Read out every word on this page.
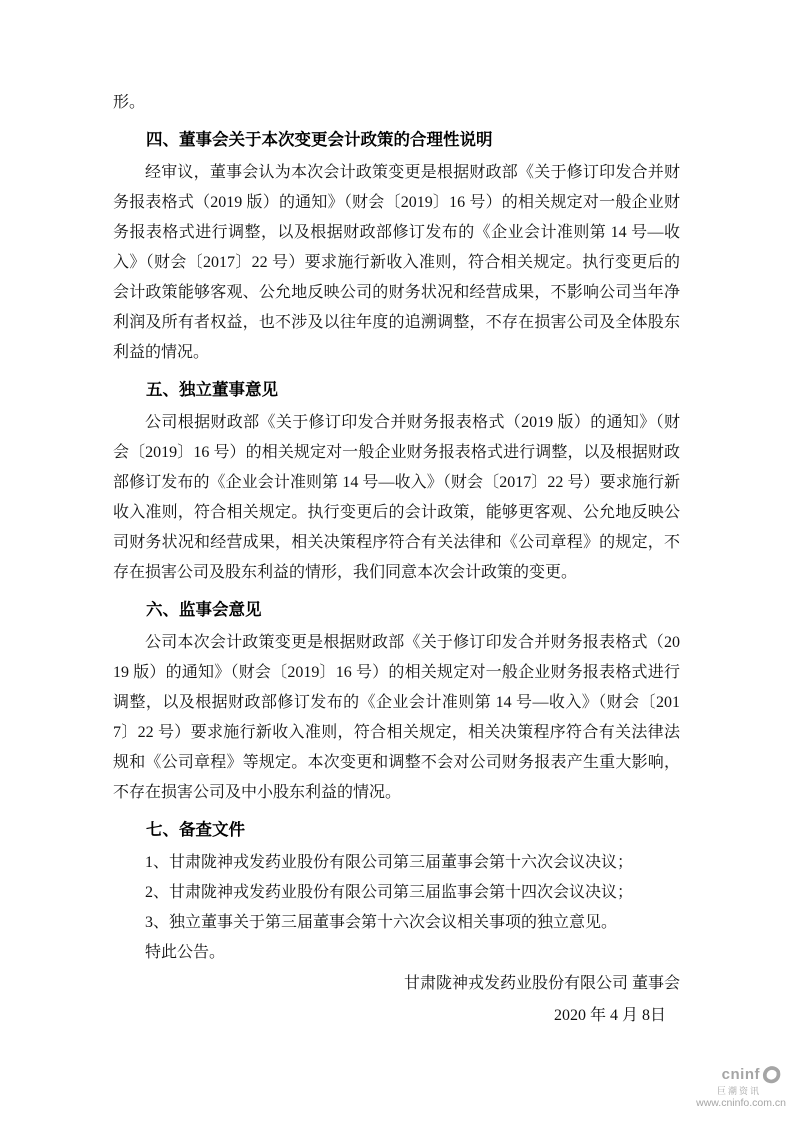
形。

四、董事会关于本次变更会计政策的合理性说明

经审议，董事会认为本次会计政策变更是根据财政部《关于修订印发合并财务报表格式（2019 版）的通知》（财会〔2019〕16 号）的相关规定对一般企业财务报表格式进行调整，以及根据财政部修订发布的《企业会计准则第 14 号—收入》（财会〔2017〕22 号）要求施行新收入准则，符合相关规定。执行变更后的会计政策能够客观、公允地反映公司的财务状况和经营成果，不影响公司当年净利润及所有者权益，也不涉及以往年度的追溯调整，不存在损害公司及全体股东利益的情况。

五、独立董事意见

公司根据财政部《关于修订印发合并财务报表格式（2019 版）的通知》（财会〔2019〕16 号）的相关规定对一般企业财务报表格式进行调整，以及根据财政部修订发布的《企业会计准则第 14 号—收入》（财会〔2017〕22 号）要求施行新收入准则，符合相关规定。执行变更后的会计政策，能够更客观、公允地反映公司财务状况和经营成果，相关决策程序符合有关法律和《公司章程》的规定，不存在损害公司及股东利益的情形，我们同意本次会计政策的变更。

六、监事会意见

公司本次会计政策变更是根据财政部《关于修订印发合并财务报表格式（2019 版）的通知》（财会〔2019〕16 号）的相关规定对一般企业财务报表格式进行调整，以及根据财政部修订发布的《企业会计准则第 14 号—收入》（财会〔2017〕22 号）要求施行新收入准则，符合相关规定，相关决策程序符合有关法律法规和《公司章程》等规定。本次变更和调整不会对公司财务报表产生重大影响，不存在损害公司及中小股东利益的情况。

七、备查文件

1、甘肃陇神戎发药业股份有限公司第三届董事会第十六次会议决议；

2、甘肃陇神戎发药业股份有限公司第三届监事会第十四次会议决议；

3、独立董事关于第三届董事会第十六次会议相关事项的独立意见。

特此公告。

甘肃陇神戎发药业股份有限公司 董事会

2020 年 4 月 8日

cninf
巨潮资讯
www.cninfo.com.cn
